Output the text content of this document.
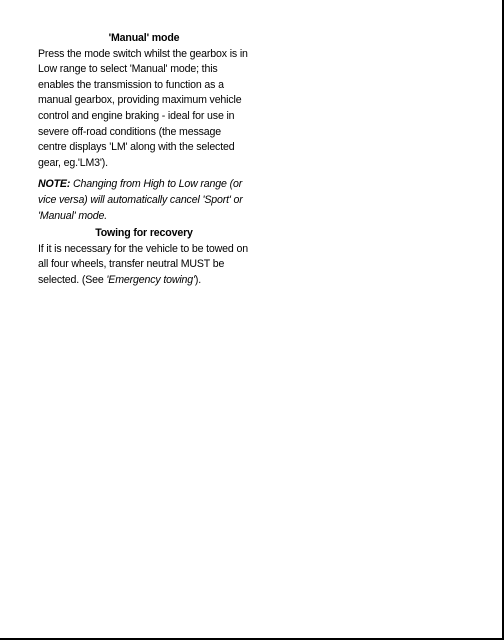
'Manual' mode

Press the mode switch whilst the gearbox is in Low range to select 'Manual' mode; this enables the transmission to function as a manual gearbox, providing maximum vehicle control and engine braking - ideal for use in severe off-road conditions (the message centre displays 'LM' along with the selected gear, eg.'LM3').

NOTE: Changing from High to Low range (or vice versa) will automatically cancel 'Sport' or 'Manual' mode.

Towing for recovery

If it is necessary for the vehicle to be towed on all four wheels, transfer neutral MUST be selected. (See 'Emergency towing').
